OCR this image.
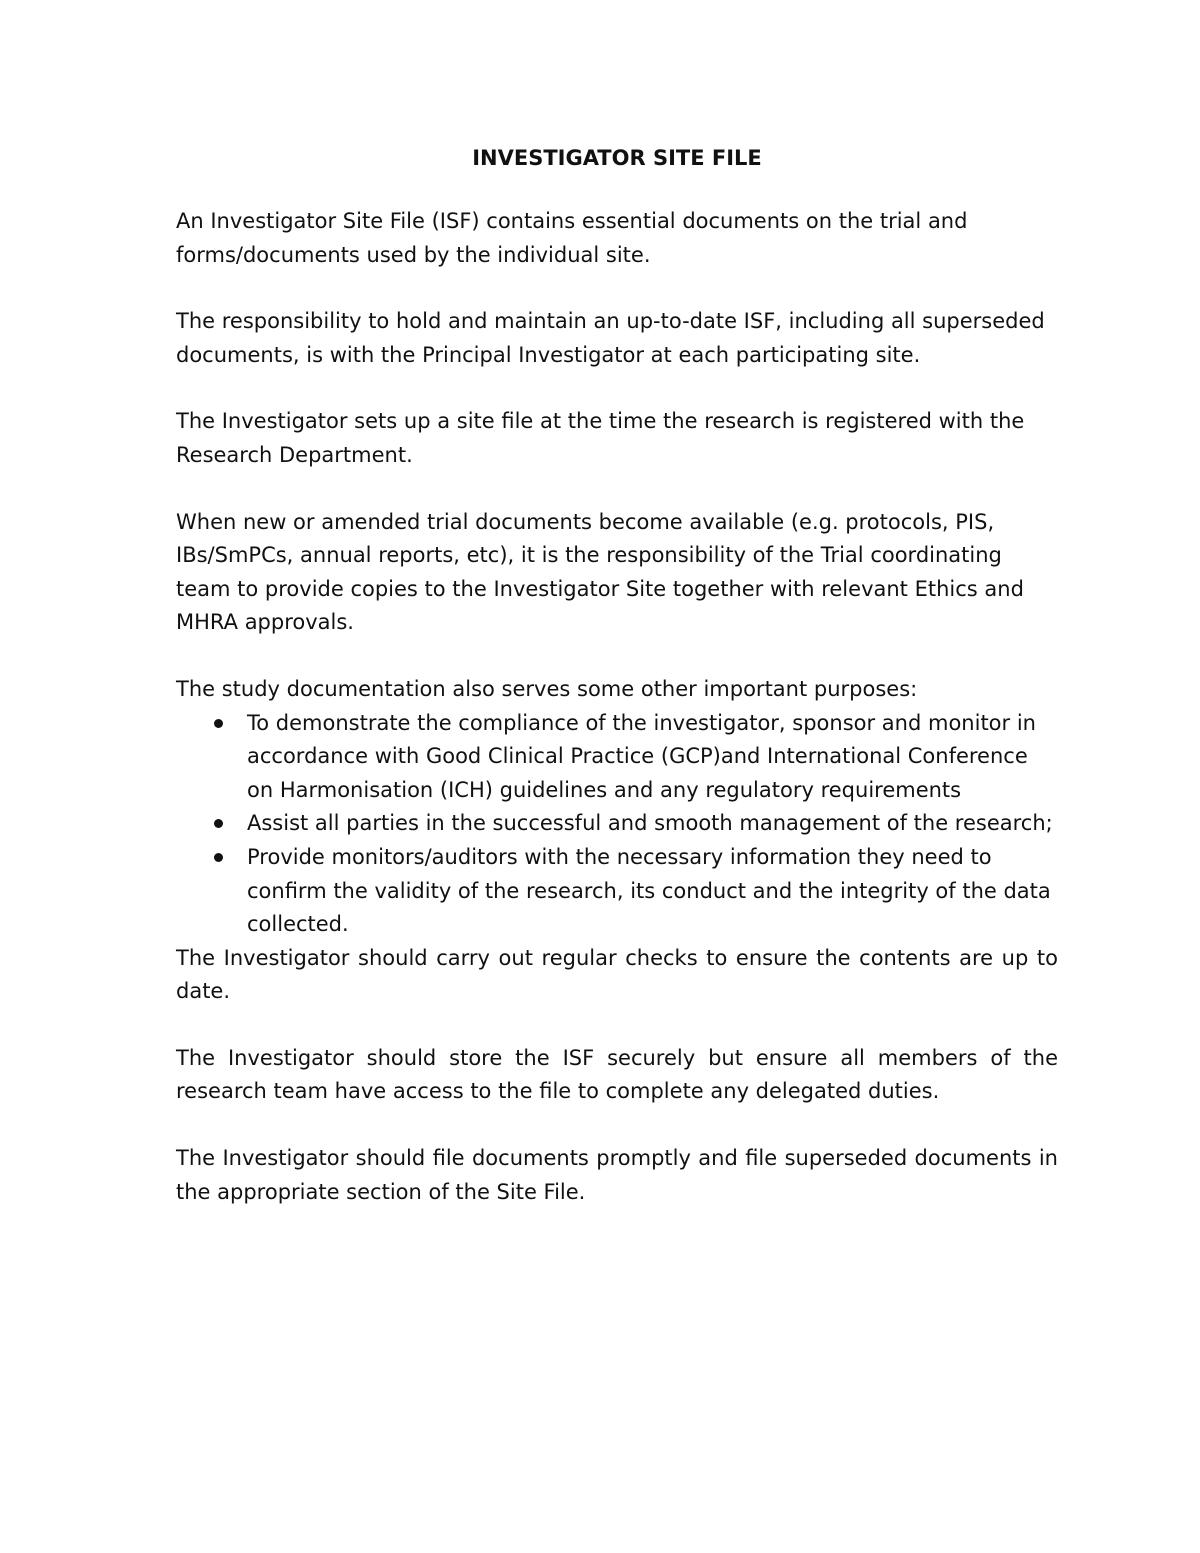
INVESTIGATOR SITE FILE

An Investigator Site File (ISF) contains essential documents on the trial and forms/documents used by the individual site.

The responsibility to hold and maintain an up-to-date ISF, including all superseded documents, is with the Principal Investigator at each participating site.

The Investigator sets up a site file at the time the research is registered with the Research Department.

When new or amended trial documents become available (e.g. protocols, PIS, IBs/SmPCs, annual reports, etc), it is the responsibility of the Trial coordinating team to provide copies to the Investigator Site together with relevant Ethics and MHRA approvals.

The study documentation also serves some other important purposes:

To demonstrate the compliance of the investigator, sponsor and monitor in accordance with Good Clinical Practice (GCP)and International Conference on Harmonisation (ICH) guidelines and any regulatory requirements
Assist all parties in the successful and smooth management of the research;
Provide monitors/auditors with the necessary information they need to confirm the validity of the research, its conduct and the integrity of the data collected.

The Investigator should carry out regular checks to ensure the contents are up to date.

The Investigator should store the ISF securely but ensure all members of the research team have access to the file to complete any delegated duties.

The Investigator should file documents promptly and file superseded documents in the appropriate section of the Site File.
